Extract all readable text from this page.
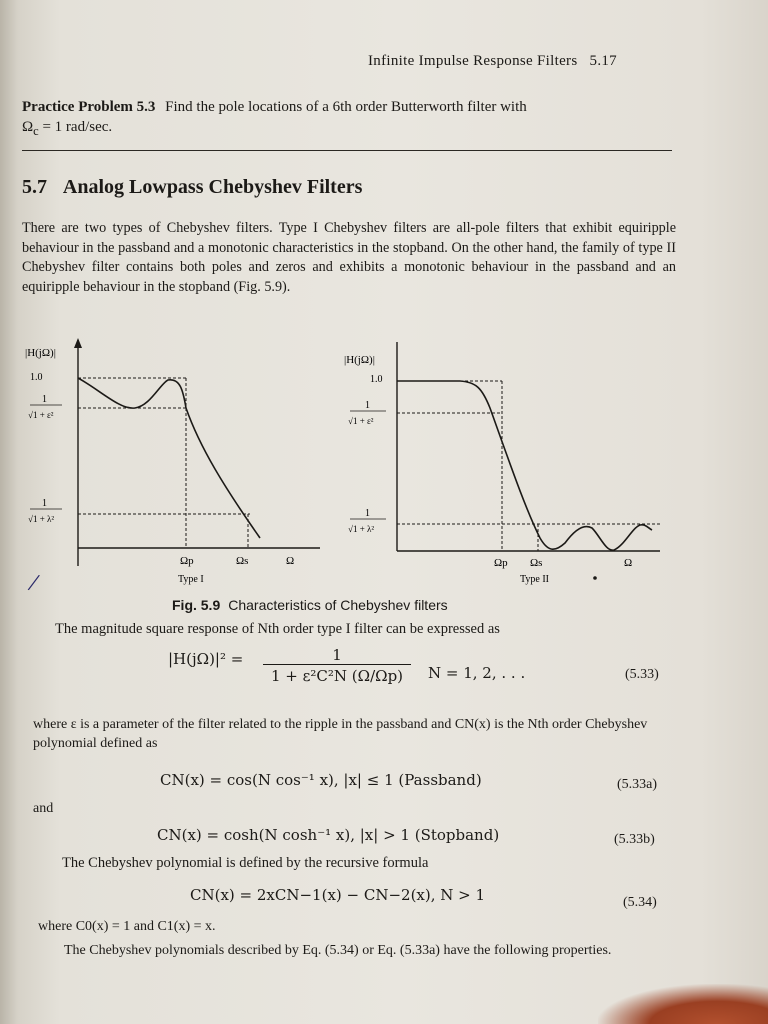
Infinite Impulse Response Filters 5.17
Practice Problem 5.3 Find the pole locations of a 6th order Butterworth filter with
$\Omega_c = 1$ rad/sec.
5.7 Analog Lowpass Chebyshev Filters

There are two types of Chebyshev filters. Type I Chebyshev filters are all-pole filters that exhibit equiripple behaviour in the passband and a monotonic characteristics in the stopband. On the other hand, the family of type II Chebyshev filter contains both poles and zeros and exhibits a monotonic behaviour in the passband and an equiripple behaviour in the stopband (Fig. 5.9).

|H(jΩ)|
1.0
1
√1 + ε²
1
√1 + λ²
Ωp	Ωs	Ω
Type I
|H(jΩ)|
1.0
1
√1 + ε²
1
√1 + λ²
Ωp Ωs	Ω
Type II
/
Fig. 5.9 Characteristics of Chebyshev filters
The magnitude square response of Nth order type I filter can be expressed as
$|H(j\Omega)|^2 = \frac{1}{\text{1 + ε²C²N (Ω/Ωp)}}$ N = 1, 2, . . .	(5.33)
where ε is a parameter of the filter related to the ripple in the passband and CN(x) is the Nth order Chebyshev polynomial defined as
CN(x) = cos(N cos⁻¹ x), |x| ≤ 1 (Passband)	(5.33a)
and
CN(x) = cosh(N cosh⁻¹ x), |x| > 1 (Stopband)	(5.33b)
The Chebyshev polynomial is defined by the recursive formula
CN(x) = 2xCN−1(x) − CN−2(x), N > 1	(5.34)
where C0(x) = 1 and C1(x) = x.
The Chebyshev polynomials described by Eq. (5.34) or Eq. (5.33a) have the following properties.
